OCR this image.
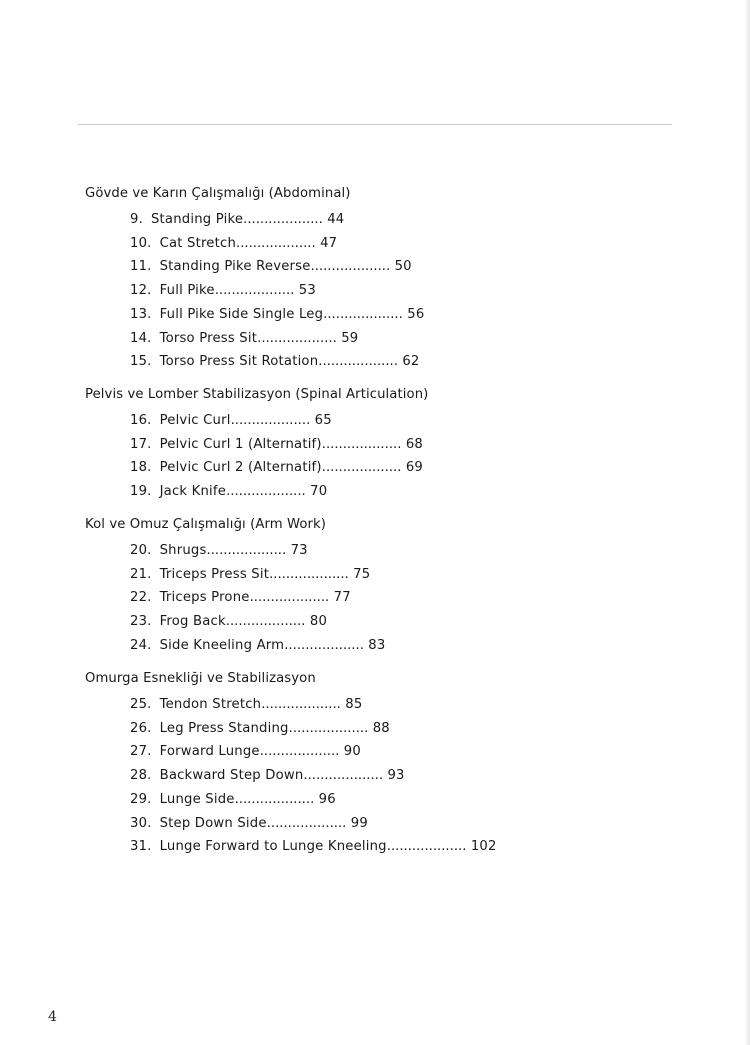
Gövde ve Karın Çalışmalığı (Abdominal)
9. Standing Pike................... 44
10. Cat Stretch................... 47
11. Standing Pike Reverse................... 50
12. Full Pike................... 53
13. Full Pike Side Single Leg................... 56
14. Torso Press Sit................... 59
15. Torso Press Sit Rotation................... 62
Pelvis ve Lomber Stabilizasyon (Spinal Articulation)
16. Pelvic Curl................... 65
17. Pelvic Curl 1 (Alternatif)................... 68
18. Pelvic Curl 2 (Alternatif)................... 69
19. Jack Knife................... 70
Kol ve Omuz Çalışmalığı (Arm Work)
20. Shrugs................... 73
21. Triceps Press Sit................... 75
22. Triceps Prone................... 77
23. Frog Back................... 80
24. Side Kneeling Arm................... 83
Omurga Esnekliği ve Stabilizasyon
25. Tendon Stretch................... 85
26. Leg Press Standing................... 88
27. Forward Lunge................... 90
28. Backward Step Down................... 93
29. Lunge Side................... 96
30. Step Down Side................... 99
31. Lunge Forward to Lunge Kneeling................... 102
4
